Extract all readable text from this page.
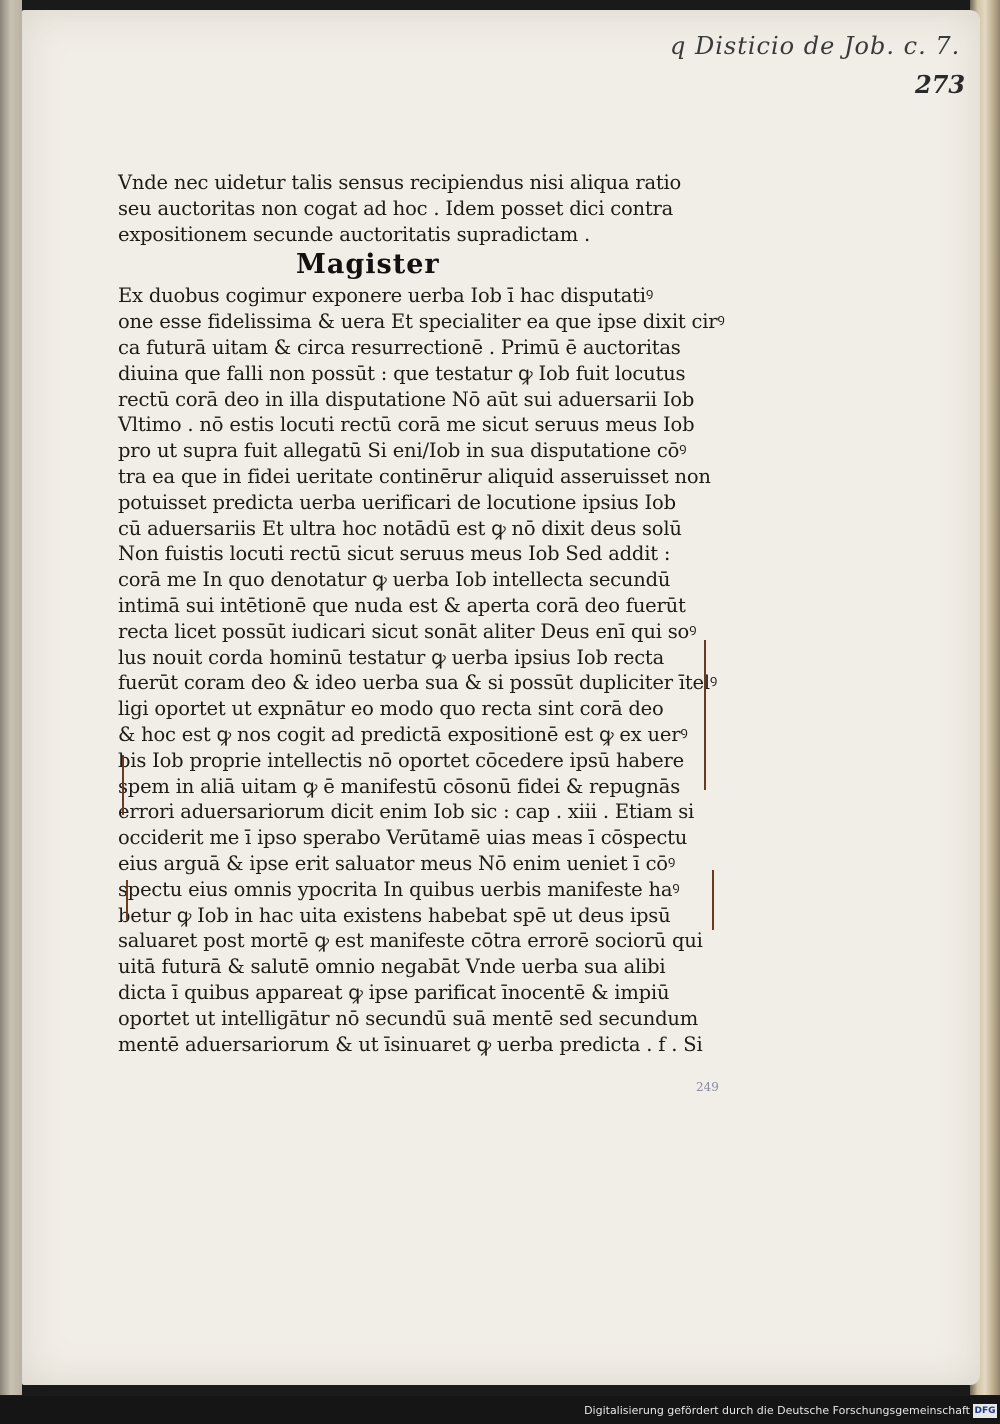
q Disticio de Job. c. 7.
273
Vnde nec uidetur talis sensus recipiendus nisi aliqua ratio
seu auctoritas non cogat ad hoc . Idem posset dici contra
expositionem secunde auctoritatis supradictam .
Magister
Ex duobus cogimur exponere uerba Iob ī hac disputatiꝰ
one esse fidelissima & uera Et specialiter ea que ipse dixit cirꝰ
ca futurā uitam & circa resurrectionē . Primū ē auctoritas
diuina que falli non possūt : que testatur ꝙ Iob fuit locutus
rectū corā deo in illa disputatione Nō aūt sui aduersarii Iob
Vltimo . nō estis locuti rectū corā me sicut seruus meus Iob
pro ut supra fuit allegatū Si eni/Iob in sua disputatione cōꝰ
tra ea que in fidei ueritate continērur aliquid asseruisset non
potuisset predicta uerba uerificari de locutione ipsius Iob
cū aduersariis Et ultra hoc notādū est ꝙ nō dixit deus solū
Non fuistis locuti rectū sicut seruus meus Iob Sed addit :
corā me In quo denotatur ꝙ uerba Iob intellecta secundū
intimā sui intētionē que nuda est & aperta corā deo fuerūt
recta licet possūt iudicari sicut sonāt aliter Deus enī qui soꝰ
lus nouit corda hominū testatur ꝙ uerba ipsius Iob recta
fuerūt coram deo & ideo uerba sua & si possūt dupliciter ītelꝰ
ligi oportet ut expnātur eo modo quo recta sint corā deo
& hoc est ꝙ nos cogit ad predictā expositionē est ꝙ ex uerꝰ
bis Iob proprie intellectis nō oportet cōcedere ipsū habere
spem in aliā uitam ꝙ ē manifestū cōsonū fidei & repugnās
errori aduersariorum dicit enim Iob sic : cap . xiii . Etiam si
occiderit me ī ipso sperabo Verūtamē uias meas ī cōspectu
eius arguā & ipse erit saluator meus Nō enim ueniet ī cōꝰ
spectu eius omnis ypocrita In quibus uerbis manifeste haꝰ
betur ꝙ Iob in hac uita existens habebat spē ut deus ipsū
saluaret post mortē ꝙ est manifeste cōtra errorē sociorū qui
uitā futurā & salutē omnio negabāt Vnde uerba sua alibi
dicta ī quibus appareat ꝙ ipse parificat īnocentē & impiū
oportet ut intelligātur nō secundū suā mentē sed secundum
mentē aduersariorum & ut īsinuaret ꝙ uerba predicta . f . Si
249
Digitalisierung gefördert durch die Deutsche Forschungsgemeinschaft DFG
